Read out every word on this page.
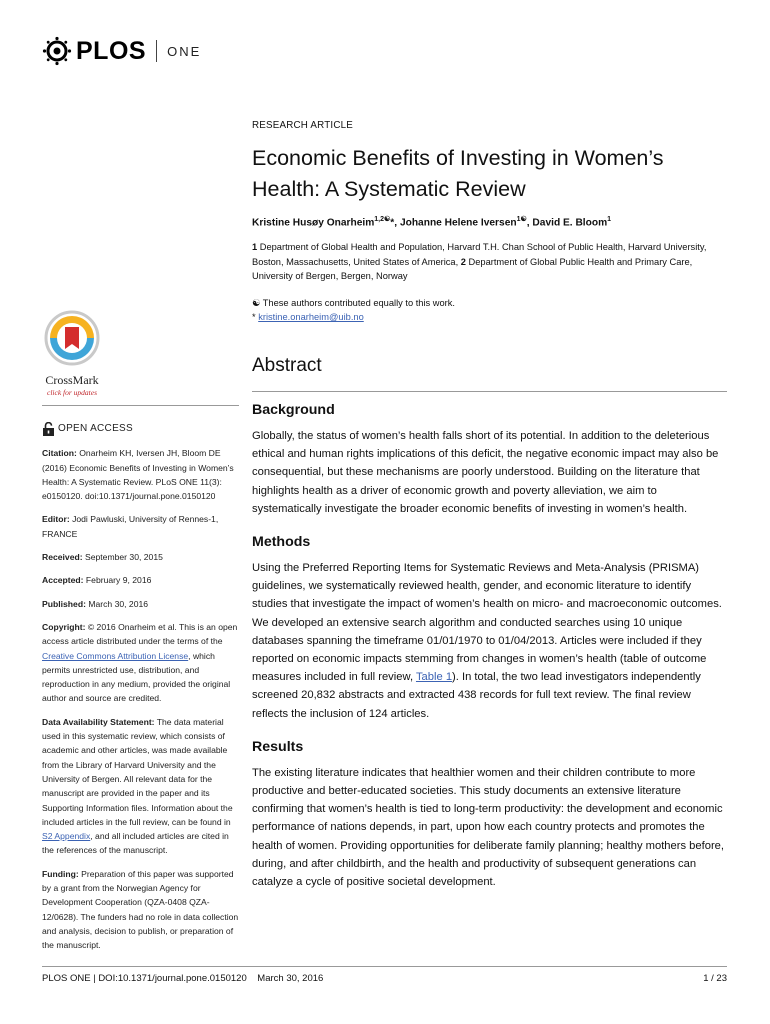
PLOS ONE
CrossMark
click for updates
OPEN ACCESS

Citation: Onarheim KH, Iversen JH, Bloom DE (2016) Economic Benefits of Investing in Women’s Health: A Systematic Review. PLoS ONE 11(3): e0150120. doi:10.1371/journal.pone.0150120

Editor: Jodi Pawluski, University of Rennes-1, FRANCE

Received: September 30, 2015

Accepted: February 9, 2016

Published: March 30, 2016

Copyright: © 2016 Onarheim et al. This is an open access article distributed under the terms of the Creative Commons Attribution License, which permits unrestricted use, distribution, and reproduction in any medium, provided the original author and source are credited.

Data Availability Statement: The data material used in this systematic review, which consists of academic and other articles, was made available from the Library of Harvard University and the University of Bergen. All relevant data for the manuscript are provided in the paper and its Supporting Information files. Information about the included articles in the full review, can be found in S2 Appendix, and all included articles are cited in the references of the manuscript.

Funding: Preparation of this paper was supported by a grant from the Norwegian Agency for Development Cooperation (QZA-0408 QZA-12/0628). The funders had no role in data collection and analysis, decision to publish, or preparation of the manuscript.

RESEARCH ARTICLE
Economic Benefits of Investing in Women’s
Health: A Systematic Review
Kristine Husøy Onarheim$^{1,2☯}$*, Johanne Helene Iversen$^{1☯}$, David E. Bloom$^1$
1 Department of Global Health and Population, Harvard T.H. Chan School of Public Health, Harvard University, Boston, Massachusetts, United States of America, 2 Department of Global Public Health and Primary Care, University of Bergen, Bergen, Norway
☯ These authors contributed equally to this work.
* kristine.onarheim@uib.no
Abstract
Background

Globally, the status of women’s health falls short of its potential. In addition to the deleterious ethical and human rights implications of this deficit, the negative economic impact may also be consequential, but these mechanisms are poorly understood. Building on the literature that highlights health as a driver of economic growth and poverty alleviation, we aim to systematically investigate the broader economic benefits of investing in women’s health.

Methods

Using the Preferred Reporting Items for Systematic Reviews and Meta-Analysis (PRISMA) guidelines, we systematically reviewed health, gender, and economic literature to identify studies that investigate the impact of women’s health on micro- and macroeconomic outcomes. We developed an extensive search algorithm and conducted searches using 10 unique databases spanning the timeframe 01/01/1970 to 01/04/2013. Articles were included if they reported on economic impacts stemming from changes in women’s health (table of outcome measures included in full review, Table 1). In total, the two lead investigators independently screened 20,832 abstracts and extracted 438 records for full text review. The final review reflects the inclusion of 124 articles.

Results

The existing literature indicates that healthier women and their children contribute to more productive and better-educated societies. This study documents an extensive literature confirming that women’s health is tied to long-term productivity: the development and economic performance of nations depends, in part, upon how each country protects and promotes the health of women. Providing opportunities for deliberate family planning; healthy mothers before, during, and after childbirth, and the health and productivity of subsequent generations can catalyze a cycle of positive societal development.

PLOS ONE | DOI:10.1371/journal.pone.0150120    March 30, 2016	1 / 23
